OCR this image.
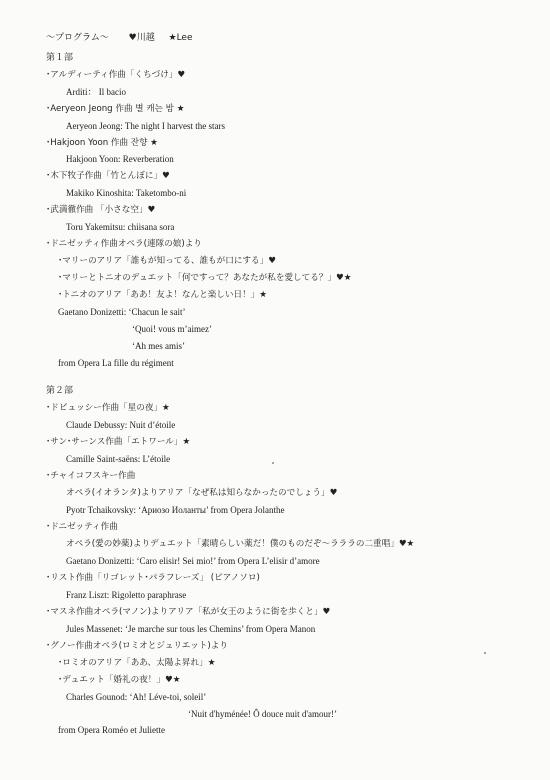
〜プログラム〜 ♥川越 ★Lee
第１部
･アルディーティ作曲「くちづけ」♥
Arditi： Il bacio
･Aeryeon Jeong 作曲 별 캐는 밤 ★
Aeryeon Jeong: The night I harvest the stars
･Hakjoon Yoon 作曲 잔향 ★
Hakjoon Yoon: Reverberation
･木下牧子作曲「竹とんぼに」♥
Makiko Kinoshita: Taketombo-ni
･武満徹作曲 「小さな空」♥
Toru Yakemitsu: chiisana sora
･ドニゼッティ作曲オペラ(連隊の娘)より
･マリーのアリア「誰もが知ってる、誰もが口にする」♥
･マリーとトニオのデュエット「何ですって？あなたが私を愛してる？」♥★
･トニオのアリア「ああ！友よ！なんと楽しい日！」★
Gaetano Donizetti: ‘Chacun le sait’
‘Quoi! vous m’aimez’
‘Ah mes amis’
from Opera La fille du régiment
第２部
･ドビュッシー作曲「星の夜」★
Claude Debussy: Nuit d’étoile
･サン･サーンス作曲「エトワール」★
Camille Saint-saëns: L’étoile
･チャイコフスキー作曲
オペラ(イオランタ)よりアリア「なぜ私は知らなかったのでしょう」♥
Pyotr Tchaikovsky: ‘Ариозо Иоланты’ from Opera Jolanthe
･ドニゼッティ作曲
オペラ(愛の妙薬)よりデュエット「素晴らしい薬だ！僕のものだぞ〜ラララの二重唱」♥★
Gaetano Donizetti: ‘Caro elisir! Sei mio!’ from Opera L’elisir d’amore
･リスト作曲「リゴレット･パラフレーズ」 (ピアノソロ)
Franz Liszt: Rigoletto paraphrase
･マスネ作曲オペラ(マノン)よりアリア「私が女王のように街を歩くと」♥
Jules Massenet: ‘Je marche sur tous les Chemins’ from Opera Manon
･グノー作曲オペラ(ロミオとジュリエット)より
･ロミオのアリア「ああ、太陽よ昇れ」★
･デュエット「婚礼の夜！」♥★
Charles Gounod: ‘Ah! Léve-toi, soleil’
‘Nuit d'hyménée! Ô douce nuit d'amour!’
from Opera Roméo et Juliette
